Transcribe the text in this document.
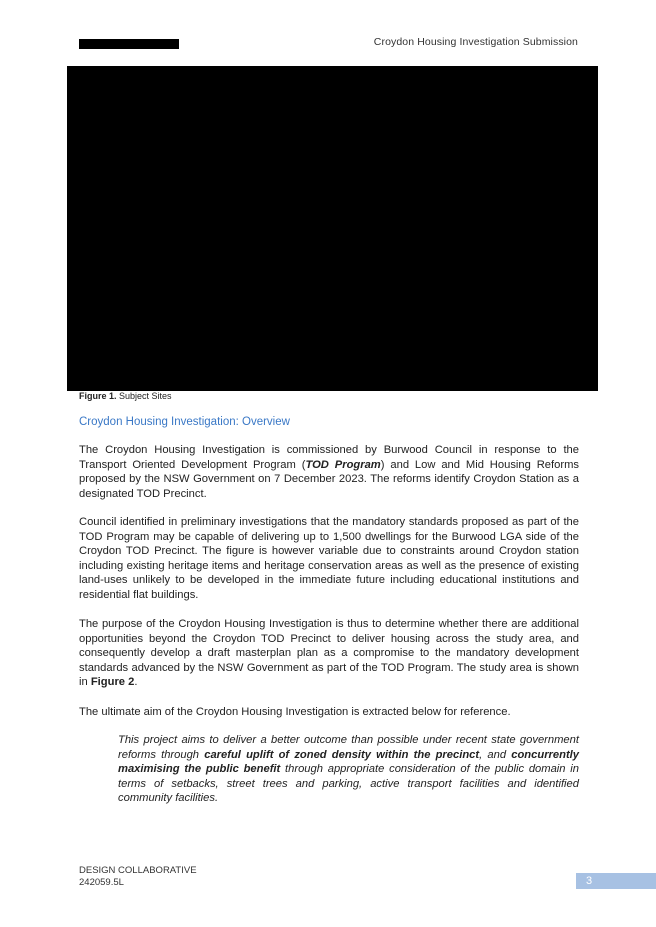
Croydon Housing Investigation Submission
Figure 1. Subject Sites
Croydon Housing Investigation: Overview
The Croydon Housing Investigation is commissioned by Burwood Council in response to the Transport Oriented Development Program (TOD Program) and Low and Mid Housing Reforms proposed by the NSW Government on 7 December 2023. The reforms identify Croydon Station as a designated TOD Precinct.
Council identified in preliminary investigations that the mandatory standards proposed as part of the TOD Program may be capable of delivering up to 1,500 dwellings for the Burwood LGA side of the Croydon TOD Precinct. The figure is however variable due to constraints around Croydon station including existing heritage items and heritage conservation areas as well as the presence of existing land-uses unlikely to be developed in the immediate future including educational institutions and residential flat buildings.
The purpose of the Croydon Housing Investigation is thus to determine whether there are additional opportunities beyond the Croydon TOD Precinct to deliver housing across the study area, and consequently develop a draft masterplan plan as a compromise to the mandatory development standards advanced by the NSW Government as part of the TOD Program. The study area is shown in Figure 2.
The ultimate aim of the Croydon Housing Investigation is extracted below for reference.
This project aims to deliver a better outcome than possible under recent state government reforms through careful uplift of zoned density within the precinct, and concurrently maximising the public benefit through appropriate consideration of the public domain in terms of setbacks, street trees and parking, active transport facilities and identified community facilities.
DESIGN COLLABORATIVE
242059.5L	3
